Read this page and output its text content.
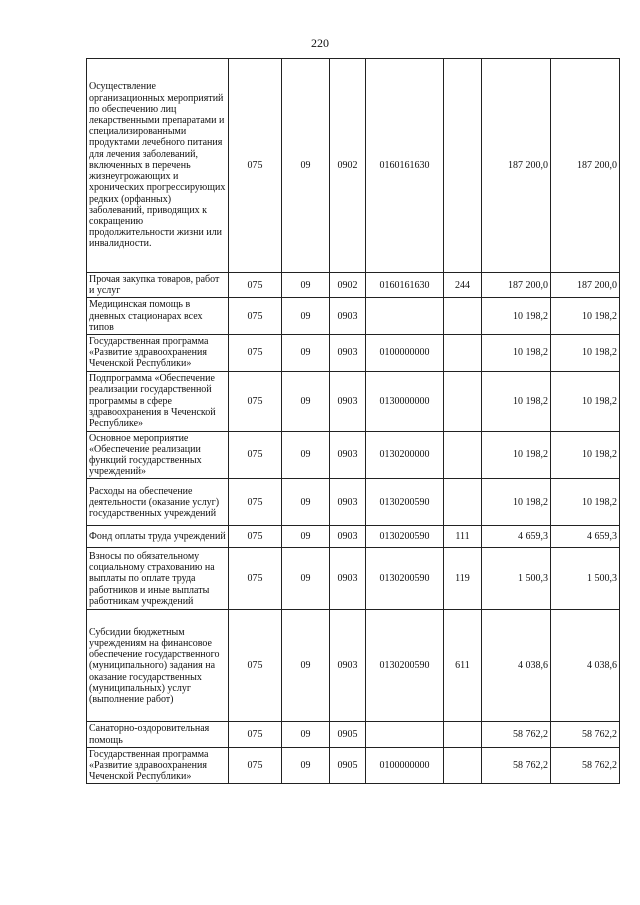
220
Осуществление организационных мероприятий по обеспечению лиц лекарственными препаратами и специализированными продуктами лечебного питания для лечения заболеваний, включенных в перечень жизнеугрожающих и хронических прогрессирующих редких (орфанных) заболеваний, приводящих к сокращению продолжительности жизни или инвалидности.	075	09	0902	0160161630		187 200,0	187 200,0
Прочая закупка товаров, работ и услуг	075	09	0902	0160161630	244	187 200,0	187 200,0
Медицинская помощь в дневных стационарах всех типов	075	09	0903			10 198,2	10 198,2
Государственная программа «Развитие здравоохранения Чеченской Республики»	075	09	0903	0100000000		10 198,2	10 198,2
Подпрограмма «Обеспечение реализации государственной программы в сфере здравоохранения в Чеченской Республике»	075	09	0903	0130000000		10 198,2	10 198,2
Основное мероприятие «Обеспечение реализации функций государственных учреждений»	075	09	0903	0130200000		10 198,2	10 198,2
Расходы на обеспечение деятельности (оказание услуг) государственных учреждений	075	09	0903	0130200590		10 198,2	10 198,2
Фонд оплаты труда учреждений	075	09	0903	0130200590	111	4 659,3	4 659,3
Взносы по обязательному социальному страхованию на выплаты по оплате труда работников и иные выплаты работникам учреждений	075	09	0903	0130200590	119	1 500,3	1 500,3
Субсидии бюджетным учреждениям на финансовое обеспечение государственного (муниципального) задания на оказание государственных (муниципальных) услуг (выполнение работ)	075	09	0903	0130200590	611	4 038,6	4 038,6
Санаторно-оздоровительная помощь	075	09	0905			58 762,2	58 762,2
Государственная программа «Развитие здравоохранения Чеченской Республики»	075	09	0905	0100000000		58 762,2	58 762,2
